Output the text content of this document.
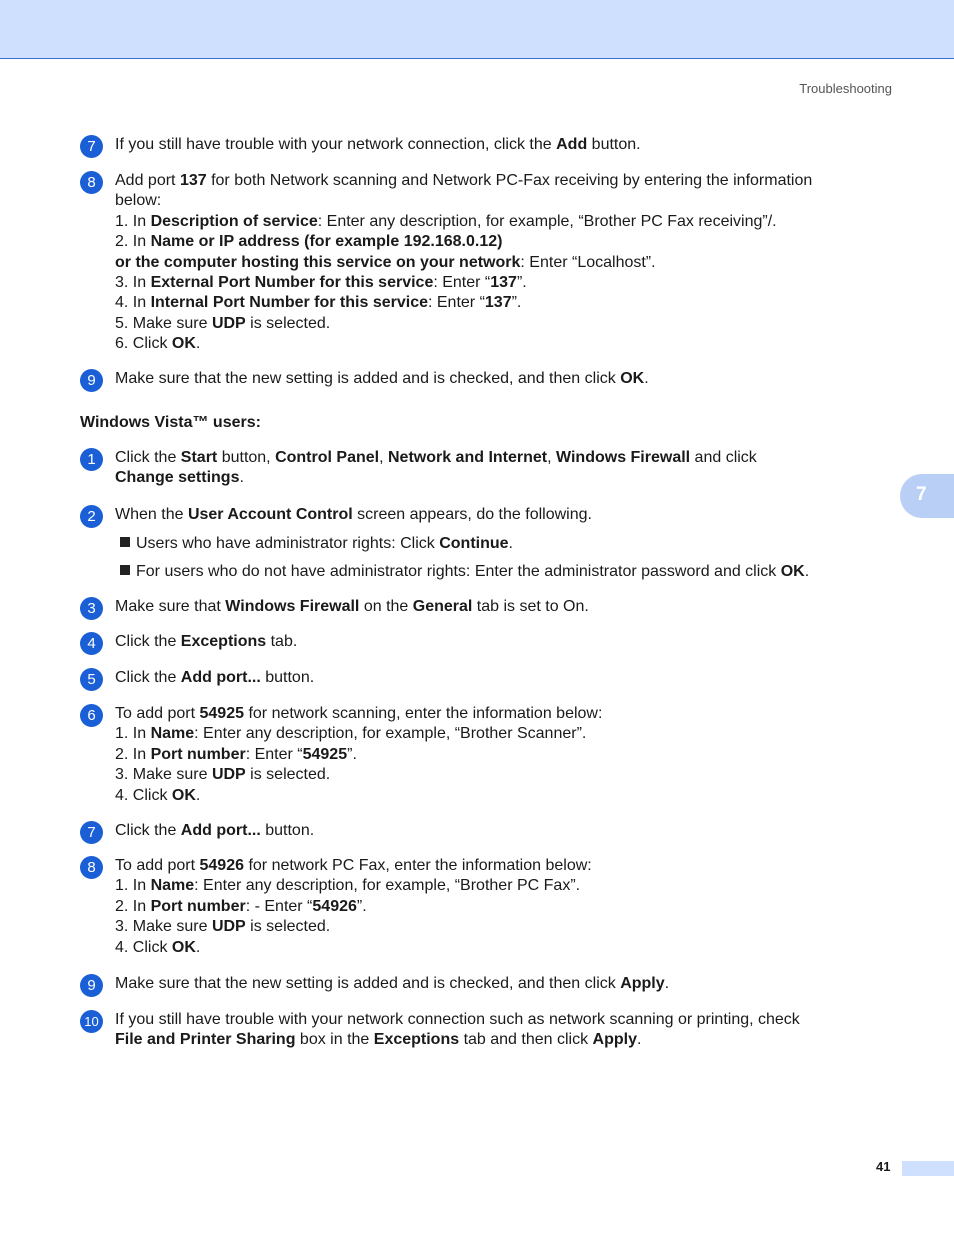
Troubleshooting
7
7	If you still have trouble with your network connection, click the Add button.
8	Add port 137 for both Network scanning and Network PC-Fax receiving by entering the information
below:
1. In Description of service: Enter any description, for example, “Brother PC Fax receiving”/.
2. In Name or IP address (for example 192.168.0.12)
or the computer hosting this service on your network: Enter “Localhost”.
3. In External Port Number for this service: Enter “137”.
4. In Internal Port Number for this service: Enter “137”.
5. Make sure UDP is selected.
6. Click OK.
9	Make sure that the new setting is added and is checked, and then click OK.
Windows Vista™ users:
1	Click the Start button, Control Panel, Network and Internet, Windows Firewall and click
Change settings.
2	When the User Account Control screen appears, do the following.
Users who have administrator rights: Click Continue.
For users who do not have administrator rights: Enter the administrator password and click OK.
3	Make sure that Windows Firewall on the General tab is set to On.
4	Click the Exceptions tab.
5	Click the Add port... button.
6	To add port 54925 for network scanning, enter the information below:
1. In Name: Enter any description, for example, “Brother Scanner”.
2. In Port number: Enter “54925”.
3. Make sure UDP is selected.
4. Click OK.
7	Click the Add port... button.
8	To add port 54926 for network PC Fax, enter the information below:
1. In Name: Enter any description, for example, “Brother PC Fax”.
2. In Port number: - Enter “54926”.
3. Make sure UDP is selected.
4. Click OK.
9	Make sure that the new setting is added and is checked, and then click Apply.
10 If you still have trouble with your network connection such as network scanning or printing, check
File and Printer Sharing box in the Exceptions tab and then click Apply.
41
